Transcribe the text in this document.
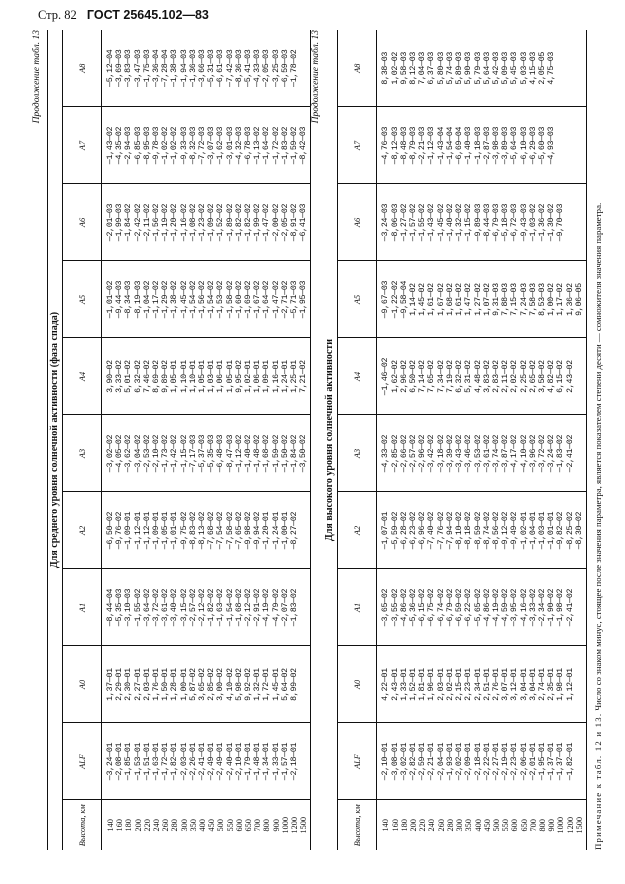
Стр. 82 ГОСТ 25645.102—83
Продолжение табл. 13
Для среднего уровня солнечной активности (фаза спада)
Высота, км	ALF	A0	A1	A2	A3	A4	A5	A6	A7	A8
140	—3,24—01	1,37—01	—8,44—04	—6,50—02	—3,02—02	3,90—02	—1,01—02	—2,01—03	—1,43—02	—5,12—04
160	—2,08—01	2,29—01	—5,35—03	—9,76—02	—4,05—02	3,33—02	—9,44—03	—1,99—03	—4,35—02	—3,69—03
180	—1,85—01	2,30—01	—3,10—03	—1,09—01	—3,62—02	5,01—02	—8,34—03	—1,84—02	—2,94—03	—3,83—03
200	—1,53—01	2,27—01	—1,55—02	—1,12—01	—3,04—02	6,32—02	—8,19—03	—2,42—02	—6,85—03	—3,47—03
220	—1,51—01	2,03—01	—3,64—02	—1,12—01	—2,53—02	7,46—02	—1,04—02	—2,11—02	—8,95—03	—1,75—03
240	—1,63—01	1,76—01	—3,72—02	—1,09—01	—2,10—02	8,69—02	—1,17—02	—1,56—02	—9,78—03	—3,36—04
260	—1,72—01	1,50—01	—3,61—02	—1,05—01	—1,73—02	9,89—02	—1,29—02	—1,19—02	—1,02—02	—7,28—04
280	—1,82—01	1,28—01	—3,40—02	—1,01—01	—1,42—02	1,05—01	—1,38—02	—1,20—02	—1,02—02	—1,38—03
300	—2,03—01	1,00—01	—3,15—02	—9,75—02	—1,15—02	1,10—01	—1,45—02	—1,16—02	—9,33—03	—1,94—03
350	—2,26—01	5,87—02	—2,57—02	—8,83—02	—7,17—03	1,10—01	—1,54—02	—1,08—02	—8,32—03	—1,36—03
400	—2,41—01	3,65—02	—2,12—02	—8,13—02	—5,37—03	1,05—01	—1,56—02	—1,23—02	—7,72—03	—3,66—03
450	—2,49—01	2,85—02	—1,82—02	—7,68—02	—5,35—03	1,03—01	—1,54—02	—1,09—02	—3,07—03	—5,31—03
500	—2,49—01	3,00—02	—1,63—02	—7,54—02	—6,48—03	1,06—01	—1,53—02	—1,52—02	—1,62—03	—6,61—03
550	—2,40—01	4,10—02	—1,54—02	—7,58—02	—8,47—03	1,05—01	—1,58—02	—1,89—02	—3,01—03	—7,42—03
600	—2,10—01	5,98—02	—1,68—02	—7,65—02	—1,12—02	9,95—02	—1,60—02	—1,82—02	—4,32—03	—8,36—03
650	—1,79—01	9,92—02	—2,12—02	—9,98—02	—1,40—02	1,02—01	—1,69—02	—1,82—02	—6,78—03	—5,41—03
700	—1,48—01	1,32—01	—2,91—02	—9,94—02	—1,48—02	1,06—01	—1,67—02	—1,99—02	—1,13—02	—4,33—03
800	—1,34—01	1,72—01	—4,19—02	—1,20—01	—1,68—02	1,09—01	—1,64—02	—1,47—02	—1,64—02	—2,05—03
900	—1,33—01	1,45—01	—4,79—02	—1,24—01	—1,59—02	1,16—01	—1,47—02	—2,00—02	—1,72—02	—3,25—03
1000	—1,57—01	5,64—02	—2,07—02	—1,00—01	—1,50—02	1,24—01	—2,71—02	—2,05—02	—1,83—02	—6,59—03
1200	—2,18—01	8,99—02	—1,83—02	—8,27—02	—1,84—02	1,25—01	—5,71—03	—8,91—02	—1,59—02	—1,78—02
1500					—3,50—02	7,21—02	—1,95—03	—6,41—03	—8,42—03	
Продолжение табл. 13
Для высокого уровня солнечной активности
Высота, км	ALF	A0	A1	A2	A3	A4	A5	A6	A7	A8
140	—2,10—01	4,22—01	—3,65—02	—1,07—01	—4,33—02	—1,46—02	—9,67—03	—3,24—03	—4,76—03	8,38—03
160	—3,08—01	2,43—01	—3,55—02	—5,59—02	—2,85—02	1,62—02	—1,22—02	—8,06—03	—8,12—03	1,02—02
180	—3,02—01	1,33—01	—4,86—02	—6,28—02	—2,66—02	2,96—02	—9,58—04	—1,27—02	—8,48—03	9,58—03
200	—2,82—01	1,52—01	—5,36—02	—6,23—02	—2,57—02	6,50—02	1,14—02	—1,57—02	—8,79—03	8,12—03
220	—2,59—01	1,81—01	—6,15—02	—6,96—02	—2,96—02	7,14—02	1,45—02	—1,55—02	—2,21—03	7,04—03
240	—2,21—01	1,96—01	—6,75—02	—7,40—02	—3,42—02	7,65—02	1,61—02	—1,43—02	—1,12—03	6,37—03
260	—2,04—01	2,03—01	—6,74—02	—7,76—02	—3,18—02	7,34—02	1,67—02	—1,45—02	—1,43—04	5,80—03
280	—1,93—01	2,02—01	—6,79—02	—7,94—02	—3,39—02	7,19—02	1,68—02	—1,40—02	—1,54—04	5,74—03
300	—2,02—01	2,15—01	—6,59—02	—8,10—02	—3,43—02	6,32—02	1,61—02	—1,32—02	—6,69—04	5,89—03
350	—2,09—01	2,23—01	—6,22—02	—8,18—02	—3,46—02	5,31—02	1,47—02	—1,15—02	—1,40—03	5,90—03
400	—2,18—01	2,34—01	—5,65—02	—8,59—02	—3,53—02	4,48—02	1,27—02	—9,89—03	—1,18—03	5,79—03
450	—2,22—01	2,51—01	—4,86—02	—8,74—02	—3,61—02	3,83—02	1,07—02	—8,44—03	—2,87—03	5,64—03
500	—2,27—01	2,76—01	—4,19—02	—8,56—02	—3,74—02	2,83—02	9,31—03	—6,79—03	—3,98—03	5,42—03
550	—2,19—01	3,07—01	—4,59—02	—9,12—02	—3,87—02	2,11—02	7,88—03	—5,18—03	—3,89—03	5,09—03
600	—2,23—01	3,12—01	—3,95—02	—9,49—02	—4,17—02	2,02—02	7,15—03	—6,72—03	—5,64—03	5,45—03
650	—2,06—01	3,04—01	—4,16—02	—1,02—01	—4,10—02	2,25—02	7,24—03	—9,43—03	—6,10—03	5,03—03
700	—2,01—01	3,04—01	—3,33—02	—1,04—01	—3,96—02	2,65—02	7,58—03	—1,03—02	—6,29—03	4,15—03
800	—1,95—01	2,74—01	—2,34—02	—1,03—01	—3,72—02	3,58—02	8,53—03	—1,36—02	—5,60—03	2,05—05
900	—1,37—01	2,35—01	—1,90—02	—1,01—01	—3,24—02	4,82—02	1,00—02	—1,30—02	—4,93—03	4,75—03
1000	—1,37—01	1,98—01	—1,98—02	—9,82—02	—1,83—02	6,15—02	1,17—02	—9,70—03		
1200	—1,82—01	1,12—01	—2,41—02	—8,25—02	—2,41—02	2,43—02	1,36—02			
1500				—8,30—02			9,06—05			
Примечание к табл. 12 и 13. Число со знаком минус, стоящее после значения параметра, является показателем степени десяти — сомножителя значения параметра.
